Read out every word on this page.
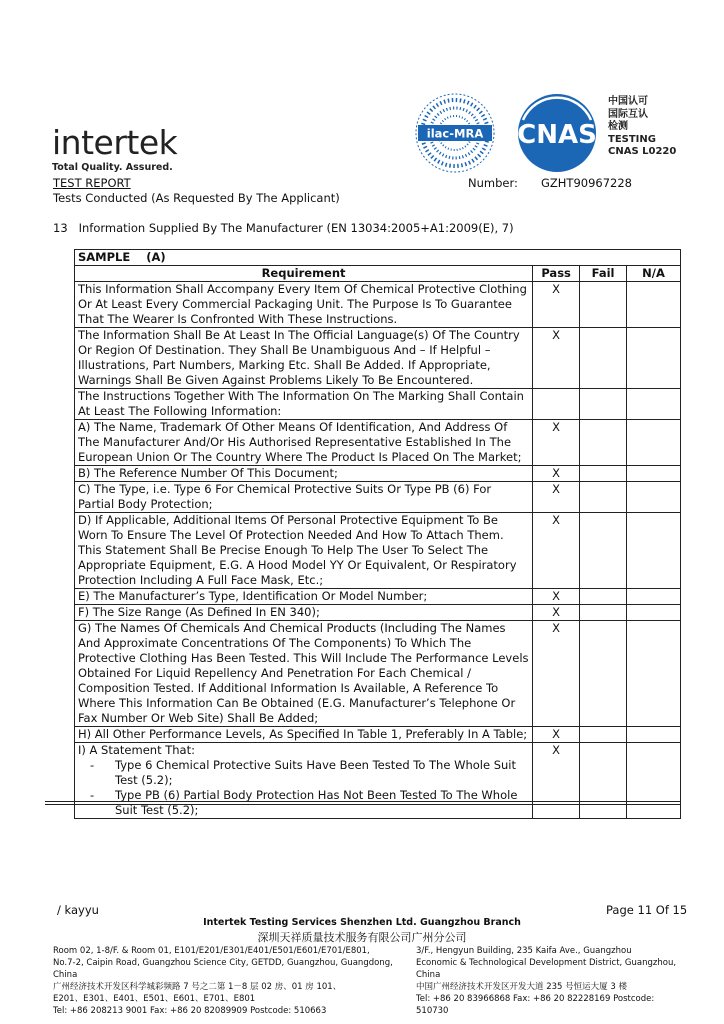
intertek
Total Quality. Assured.
ilac-MRA CNAS
中国认可
国际互认
检测
TESTING
CNAS L0220
TEST REPORT	Number: GZHT90967228
Tests Conducted (As Requested By The Applicant)
13   Information Supplied By The Manufacturer (EN 13034:2005+A1:2009(E), 7)
SAMPLE    (A)			
Requirement	Pass	Fail	N/A
This Information Shall Accompany Every Item Of Chemical Protective Clothing Or At Least Every Commercial Packaging Unit. The Purpose Is To Guarantee That The Wearer Is Confronted With These Instructions.	X		
The Information Shall Be At Least In The Official Language(s) Of The Country Or Region Of Destination. They Shall Be Unambiguous And – If Helpful – Illustrations, Part Numbers, Marking Etc. Shall Be Added. If Appropriate, Warnings Shall Be Given Against Problems Likely To Be Encountered.	X		
The Instructions Together With The Information On The Marking Shall Contain At Least The Following Information:			
A) The Name, Trademark Of Other Means Of Identification, And Address Of The Manufacturer And/Or His Authorised Representative Established In The European Union Or The Country Where The Product Is Placed On The Market;	X		
B) The Reference Number Of This Document;	X		
C) The Type, i.e. Type 6 For Chemical Protective Suits Or Type PB (6) For Partial Body Protection;	X		
D) If Applicable, Additional Items Of Personal Protective Equipment To Be Worn To Ensure The Level Of Protection Needed And How To Attach Them. This Statement Shall Be Precise Enough To Help The User To Select The Appropriate Equipment, E.G. A Hood Model YY Or Equivalent, Or Respiratory Protection Including A Full Face Mask, Etc.;	X		
E) The Manufacturer’s Type, Identification Or Model Number;	X		
F) The Size Range (As Defined In EN 340);	X		
G) The Names Of Chemicals And Chemical Products (Including The Names And Approximate Concentrations Of The Components) To Which The Protective Clothing Has Been Tested. This Will Include The Performance Levels Obtained For Liquid Repellency And Penetration For Each Chemical / Composition Tested. If Additional Information Is Available, A Reference To Where This Information Can Be Obtained (E.G. Manufacturer’s Telephone Or Fax Number Or Web Site) Shall Be Added;	X		
H) All Other Performance Levels, As Specified In Table 1, Preferably In A Table;	X		

I) A Statement That:
- Type 6 Chemical Protective Suits Have Been Tested To The Whole Suit Test (5.2);
- Type PB (6) Partial Body Protection Has Not Been Tested To The Whole Suit Test (5.2);	X		
/ kayyu	Page 11 Of 15
Intertek Testing Services Shenzhen Ltd. Guangzhou Branch
深圳天祥质量技术服务有限公司广州分公司
Room 02, 1-8/F. & Room 01, E101/E201/E301/E401/E501/E601/E701/E801,
No.7-2, Caipin Road, Guangzhou Science City, GETDD, Guangzhou, Guangdong, China
广州经济技术开发区科学城彩频路 7 号之二第 1－8 层 02 房、01 房 101、
E201、E301、E401、E501、E601、E701、E801
Tel: +86 208213 9001 Fax: +86 20 82089909 Postcode: 510663
3/F., Hengyun Building, 235 Kaifa Ave., Guangzhou
Economic & Technological Development District, Guangzhou,
China
中国广州经济技术开发区开发大道 235 号恒运大厦 3 楼
Tel: +86 20 83966868 Fax: +86 20 82228169 Postcode: 510730
